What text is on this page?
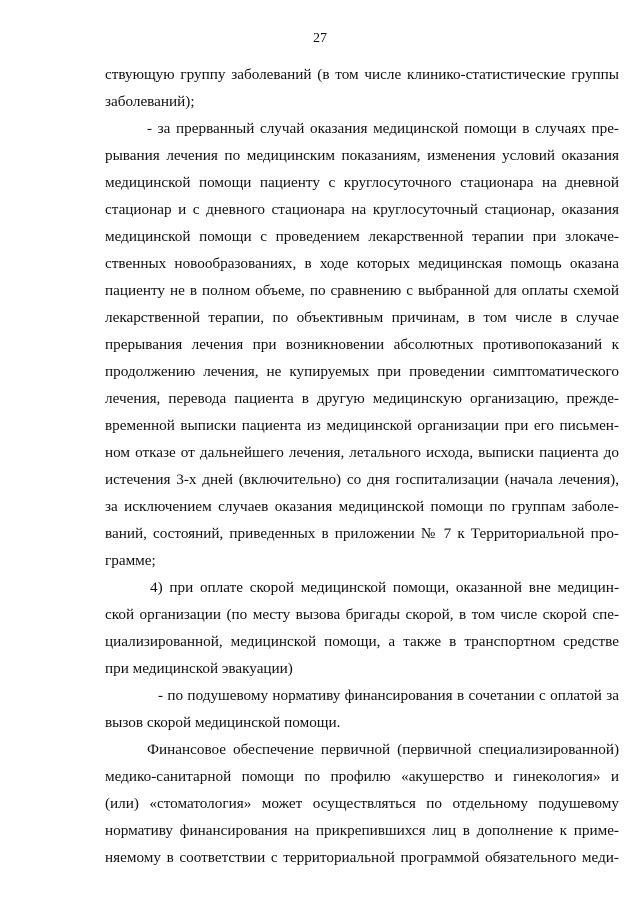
27
ствующую группу заболеваний (в том числе клинико-статистические группы
заболеваний);
- за прерванный случай оказания медицинской помощи в случаях пре-
рывания лечения по медицинским показаниям, изменения условий оказания
медицинской помощи пациенту с круглосуточного стационара на дневной
стационар и с дневного стационара на круглосуточный стационар, оказания
медицинской помощи с проведением лекарственной терапии при злокаче-
ственных новообразованиях, в ходе которых медицинская помощь оказана
пациенту не в полном объеме, по сравнению с выбранной для оплаты схемой
лекарственной терапии, по объективным причинам, в том числе в случае
прерывания лечения при возникновении абсолютных противопоказаний к
продолжению лечения, не купируемых при проведении симптоматического
лечения, перевода пациента в другую медицинскую организацию, прежде-
временной выписки пациента из медицинской организации при его письмен-
ном отказе от дальнейшего лечения, летального исхода, выписки пациента до
истечения 3-х дней (включительно) со дня госпитализации (начала лечения),
за исключением случаев оказания медицинской помощи по группам заболе-
ваний, состояний, приведенных в приложении № 7 к Территориальной про-
грамме;
4) при оплате скорой медицинской помощи, оказанной вне медицин-
ской организации (по месту вызова бригады скорой, в том числе скорой спе-
циализированной, медицинской помощи, а также в транспортном средстве
при медицинской эвакуации)
- по подушевому нормативу финансирования в сочетании с оплатой за
вызов скорой медицинской помощи.
Финансовое обеспечение первичной (первичной специализированной)
медико-санитарной помощи по профилю «акушерство и гинекология» и
(или) «стоматология» может осуществляться по отдельному подушевому
нормативу финансирования на прикрепившихся лиц в дополнение к приме-
няемому в соответствии с территориальной программой обязательного меди-
